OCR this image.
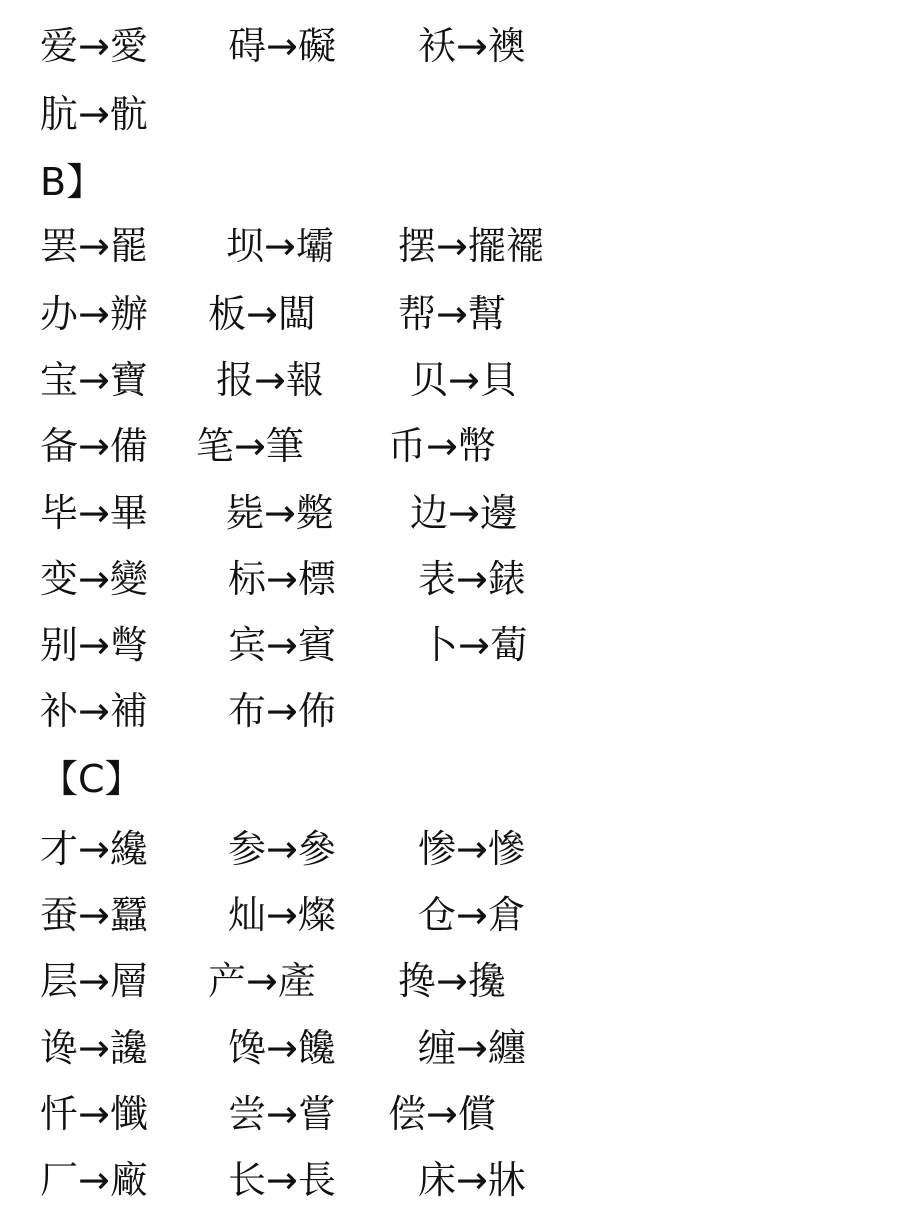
爱→愛 碍→礙 袄→襖
肮→骯
B】
罢→罷 坝→壩 摆→擺襬
办→辦 板→闆 帮→幫
宝→寶 报→報 贝→貝
备→備 笔→筆 币→幣
毕→畢 毙→斃 边→邊
变→變 标→標 表→錶
别→彆 宾→賓 卜→蔔
补→補 布→佈
【C】
才→纔 参→參 惨→慘
蚕→蠶 灿→燦 仓→倉
层→層 产→產 搀→攙
谗→讒 馋→饞 缠→纏
忏→懺 尝→嘗 偿→償
厂→廠 长→長 床→牀
